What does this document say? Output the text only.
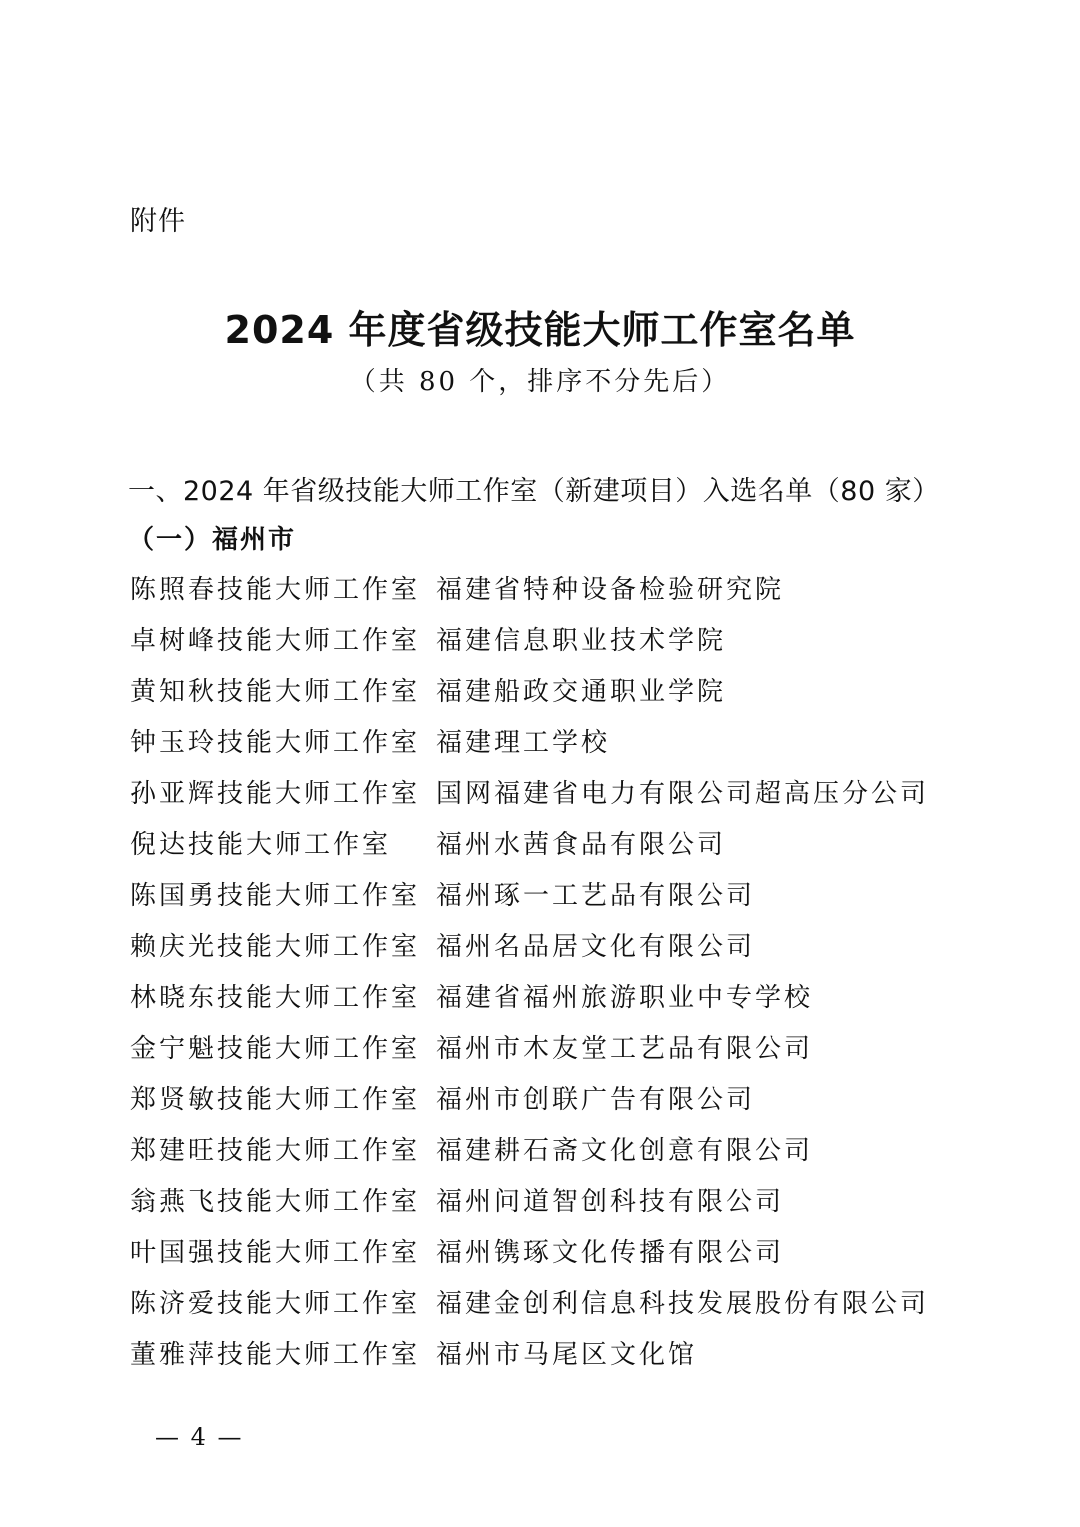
附件
2024 年度省级技能大师工作室名单
（共 80 个，排序不分先后）
一、2024 年省级技能大师工作室（新建项目）入选名单（80 家）
（一）福州市
陈照春技能大师工作室 福建省特种设备检验研究院
卓树峰技能大师工作室 福建信息职业技术学院
黄知秋技能大师工作室 福建船政交通职业学院
钟玉玲技能大师工作室 福建理工学校
孙亚辉技能大师工作室 国网福建省电力有限公司超高压分公司
倪达技能大师工作室	福州水茜食品有限公司
陈国勇技能大师工作室 福州琢一工艺品有限公司
赖庆光技能大师工作室 福州名品居文化有限公司
林晓东技能大师工作室 福建省福州旅游职业中专学校
金宁魁技能大师工作室 福州市木友堂工艺品有限公司
郑贤敏技能大师工作室 福州市创联广告有限公司
郑建旺技能大师工作室 福建耕石斋文化创意有限公司
翁燕飞技能大师工作室 福州问道智创科技有限公司
叶国强技能大师工作室 福州镌琢文化传播有限公司
陈济爱技能大师工作室 福建金创利信息科技发展股份有限公司
董雅萍技能大师工作室 福州市马尾区文化馆
— 4 —
